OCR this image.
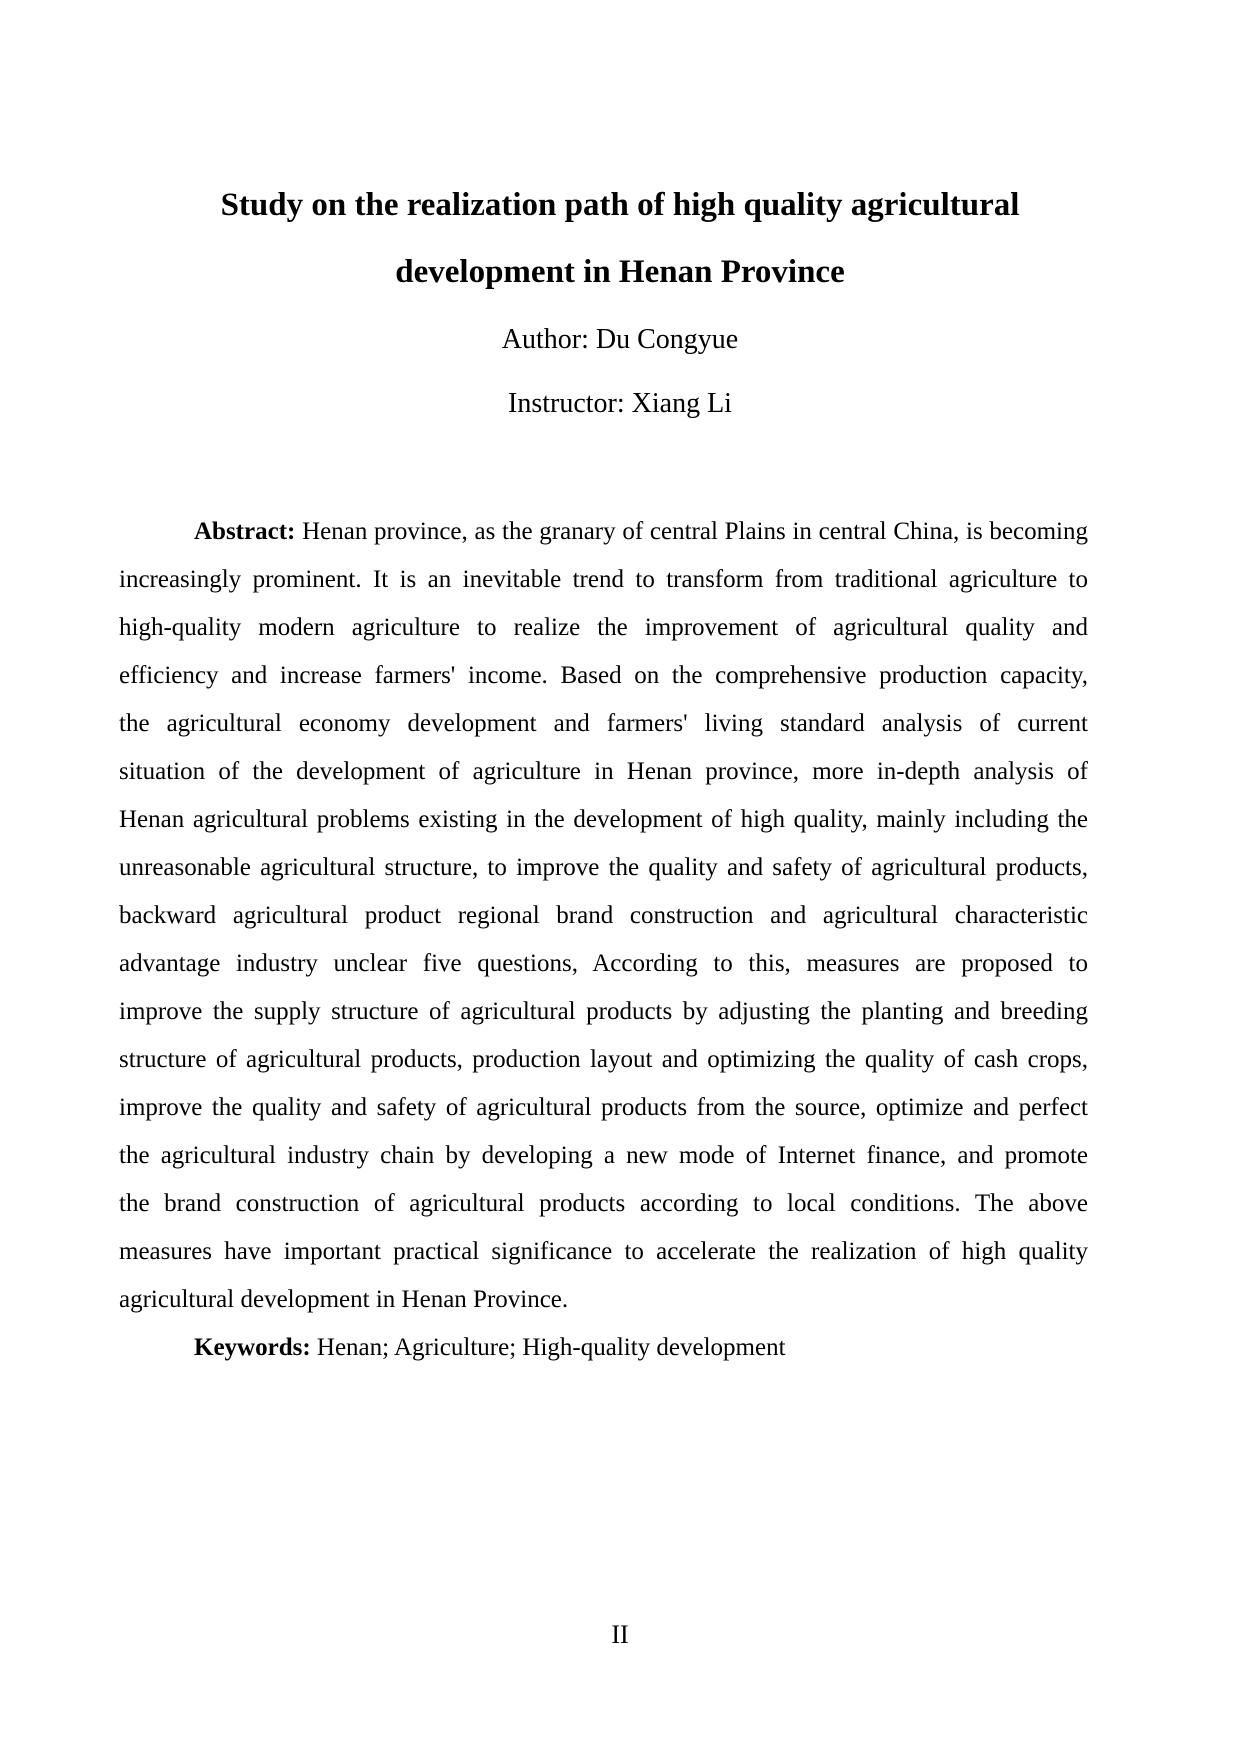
Study on the realization path of high quality agricultural
development in Henan Province
Author: Du Congyue
Instructor: Xiang Li
Abstract: Henan province, as the granary of central Plains in central China, is becoming
increasingly prominent. It is an inevitable trend to transform from traditional agriculture to
high-quality modern agriculture to realize the improvement of agricultural quality and
efficiency and increase farmers' income. Based on the comprehensive production capacity,
the agricultural economy development and farmers' living standard analysis of current
situation of the development of agriculture in Henan province, more in-depth analysis of
Henan agricultural problems existing in the development of high quality, mainly including the
unreasonable agricultural structure, to improve the quality and safety of agricultural products,
backward agricultural product regional brand construction and agricultural characteristic
advantage industry unclear five questions, According to this, measures are proposed to
improve the supply structure of agricultural products by adjusting the planting and breeding
structure of agricultural products, production layout and optimizing the quality of cash crops,
improve the quality and safety of agricultural products from the source, optimize and perfect
the agricultural industry chain by developing a new mode of Internet finance, and promote
the brand construction of agricultural products according to local conditions. The above
measures have important practical significance to accelerate the realization of high quality
agricultural development in Henan Province.
Keywords: Henan; Agriculture; High-quality development
II
